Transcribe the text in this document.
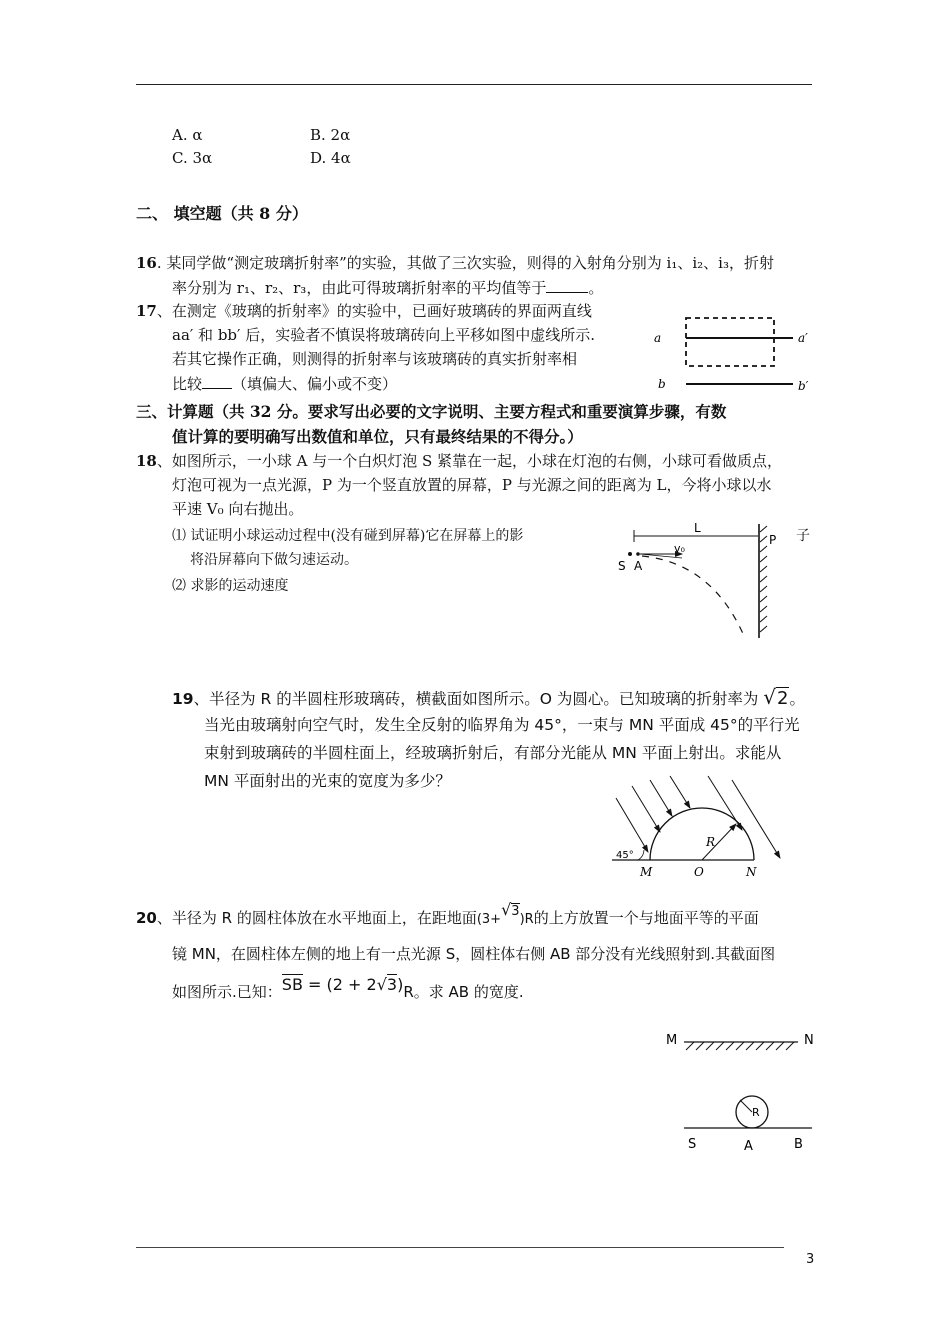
A. α	B. 2α
C. 3α	D. 4α
二、 填空题（共 8 分）
16. 某同学做“测定玻璃折射率”的实验，其做了三次实验，则得的入射角分别为 i₁、i₂、i₃，折射
率分别为 r₁、r₂、r₃，由此可得玻璃折射率的平均值等于	。
17、在测定《玻璃的折射率》的实验中，已画好玻璃砖的界面两直线
aa′ 和 bb′ 后，实验者不慎误将玻璃砖向上平移如图中虚线所示.
若其它操作正确，则测得的折射率与该玻璃砖的真实折射率相
比较 （填偏大、偏小或不变）
a	a′
b	b′
三、计算题（共 32 分。要求写出必要的文字说明、主要方程式和重要演算步骤，有数
值计算的要明确写出数值和单位，只有最终结果的不得分。）
18、如图所示，一小球 A 与一个白炽灯泡 S 紧靠在一起，小球在灯泡的右侧，小球可看做质点，
灯泡可视为一点光源，P 为一个竖直放置的屏幕，P 与光源之间的距离为 L，今将小球以水
平速 V₀ 向右抛出。
⑴ 试证明小球运动过程中(没有碰到屏幕)它在屏幕上的影	子
将沿屏幕向下做匀速运动。
⑵ 求影的运动速度
L
P
v₀
S A
19、半径为 R 的半圆柱形玻璃砖，横截面如图所示。O 为圆心。已知玻璃的折射率为 √2。
当光由玻璃射向空气时，发生全反射的临界角为 45°，一束与 MN 平面成 45°的平行光
束射到玻璃砖的半圆柱面上，经玻璃折射后，有部分光能从 MN 平面上射出。求能从
MN 平面射出的光束的宽度为多少？
R
45°
M	O	N
20、半径为 R 的圆柱体放在水平地面上，在距地面(3+√3)R的上方放置一个与地面平等的平面
镜 MN，在圆柱体左侧的地上有一点光源 S，圆柱体右侧 AB 部分没有光线照射到.其截面图
如图所示.已知：SB = (2 + 2√3)R。求 AB 的宽度.
M	N
R
S	A	B
3
